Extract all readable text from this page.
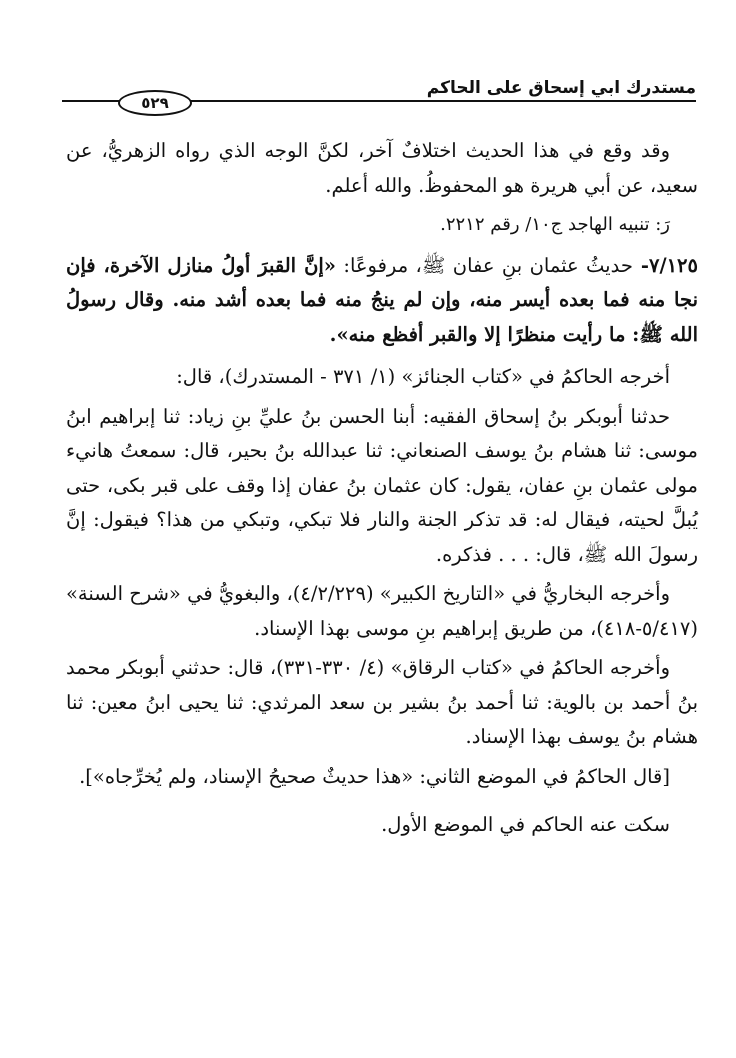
مستدرك ابي إسحاق على الحاكم
٥٢٩

وقد وقع في هذا الحديث اختلافٌ آخر، لكنَّ الوجه الذي رواه الزهريُّ، عن سعيد، عن أبي هريرة هو المحفوظُ. والله أعلم.

رَ: تنبيه الهاجد ج١٠/ رقم ٢٢١٢.

٧/١٢٥- حديثُ عثمان بنِ عفان ﷺ، مرفوعًا: «إنَّ القبرَ أولُ منازل الآخرة، فإن نجا منه فما بعده أيسر منه، وإن لم ينجُ منه فما بعده أشد منه. وقال رسولُ الله ﷺ: ما رأيت منظرًا إلا والقبر أفظع منه».

أخرجه الحاكمُ في «كتاب الجنائز» (١/ ٣٧١ - المستدرك)، قال:

حدثنا أبوبكر بنُ إسحاق الفقيه: أبنا الحسن بنُ عليِّ بنِ زياد: ثنا إبراهيم ابنُ موسى: ثنا هشام بنُ يوسف الصنعاني: ثنا عبدالله بنُ بحير، قال: سمعتُ هانيء مولى عثمان بنِ عفان، يقول: كان عثمان بنُ عفان إذا وقف على قبر بكى، حتى يُبلَّ لحيته، فيقال له: قد تذكر الجنة والنار فلا تبكي، وتبكي من هذا؟ فيقول: إنَّ رسولَ الله ﷺ، قال: . . . فذكره.

وأخرجه البخاريُّ في «التاريخ الكبير» (٤/٢/٢٢٩)، والبغويُّ في «شرح السنة» (٥/٤١٧-٤١٨)، من طريق إبراهيم بنِ موسى بهذا الإسناد.

وأخرجه الحاكمُ في «كتاب الرقاق» (٤/ ٣٣٠-٣٣١)، قال: حدثني أبوبكر محمد بنُ أحمد بن بالوية: ثنا أحمد بنُ بشير بن سعد المرثدي: ثنا يحيى ابنُ معين: ثنا هشام بنُ يوسف بهذا الإسناد.

[قال الحاكمُ في الموضع الثاني: «هذا حديثٌ صحيحُ الإسناد، ولم يُخرِّجاه»].

سكت عنه الحاكم في الموضع الأول.
